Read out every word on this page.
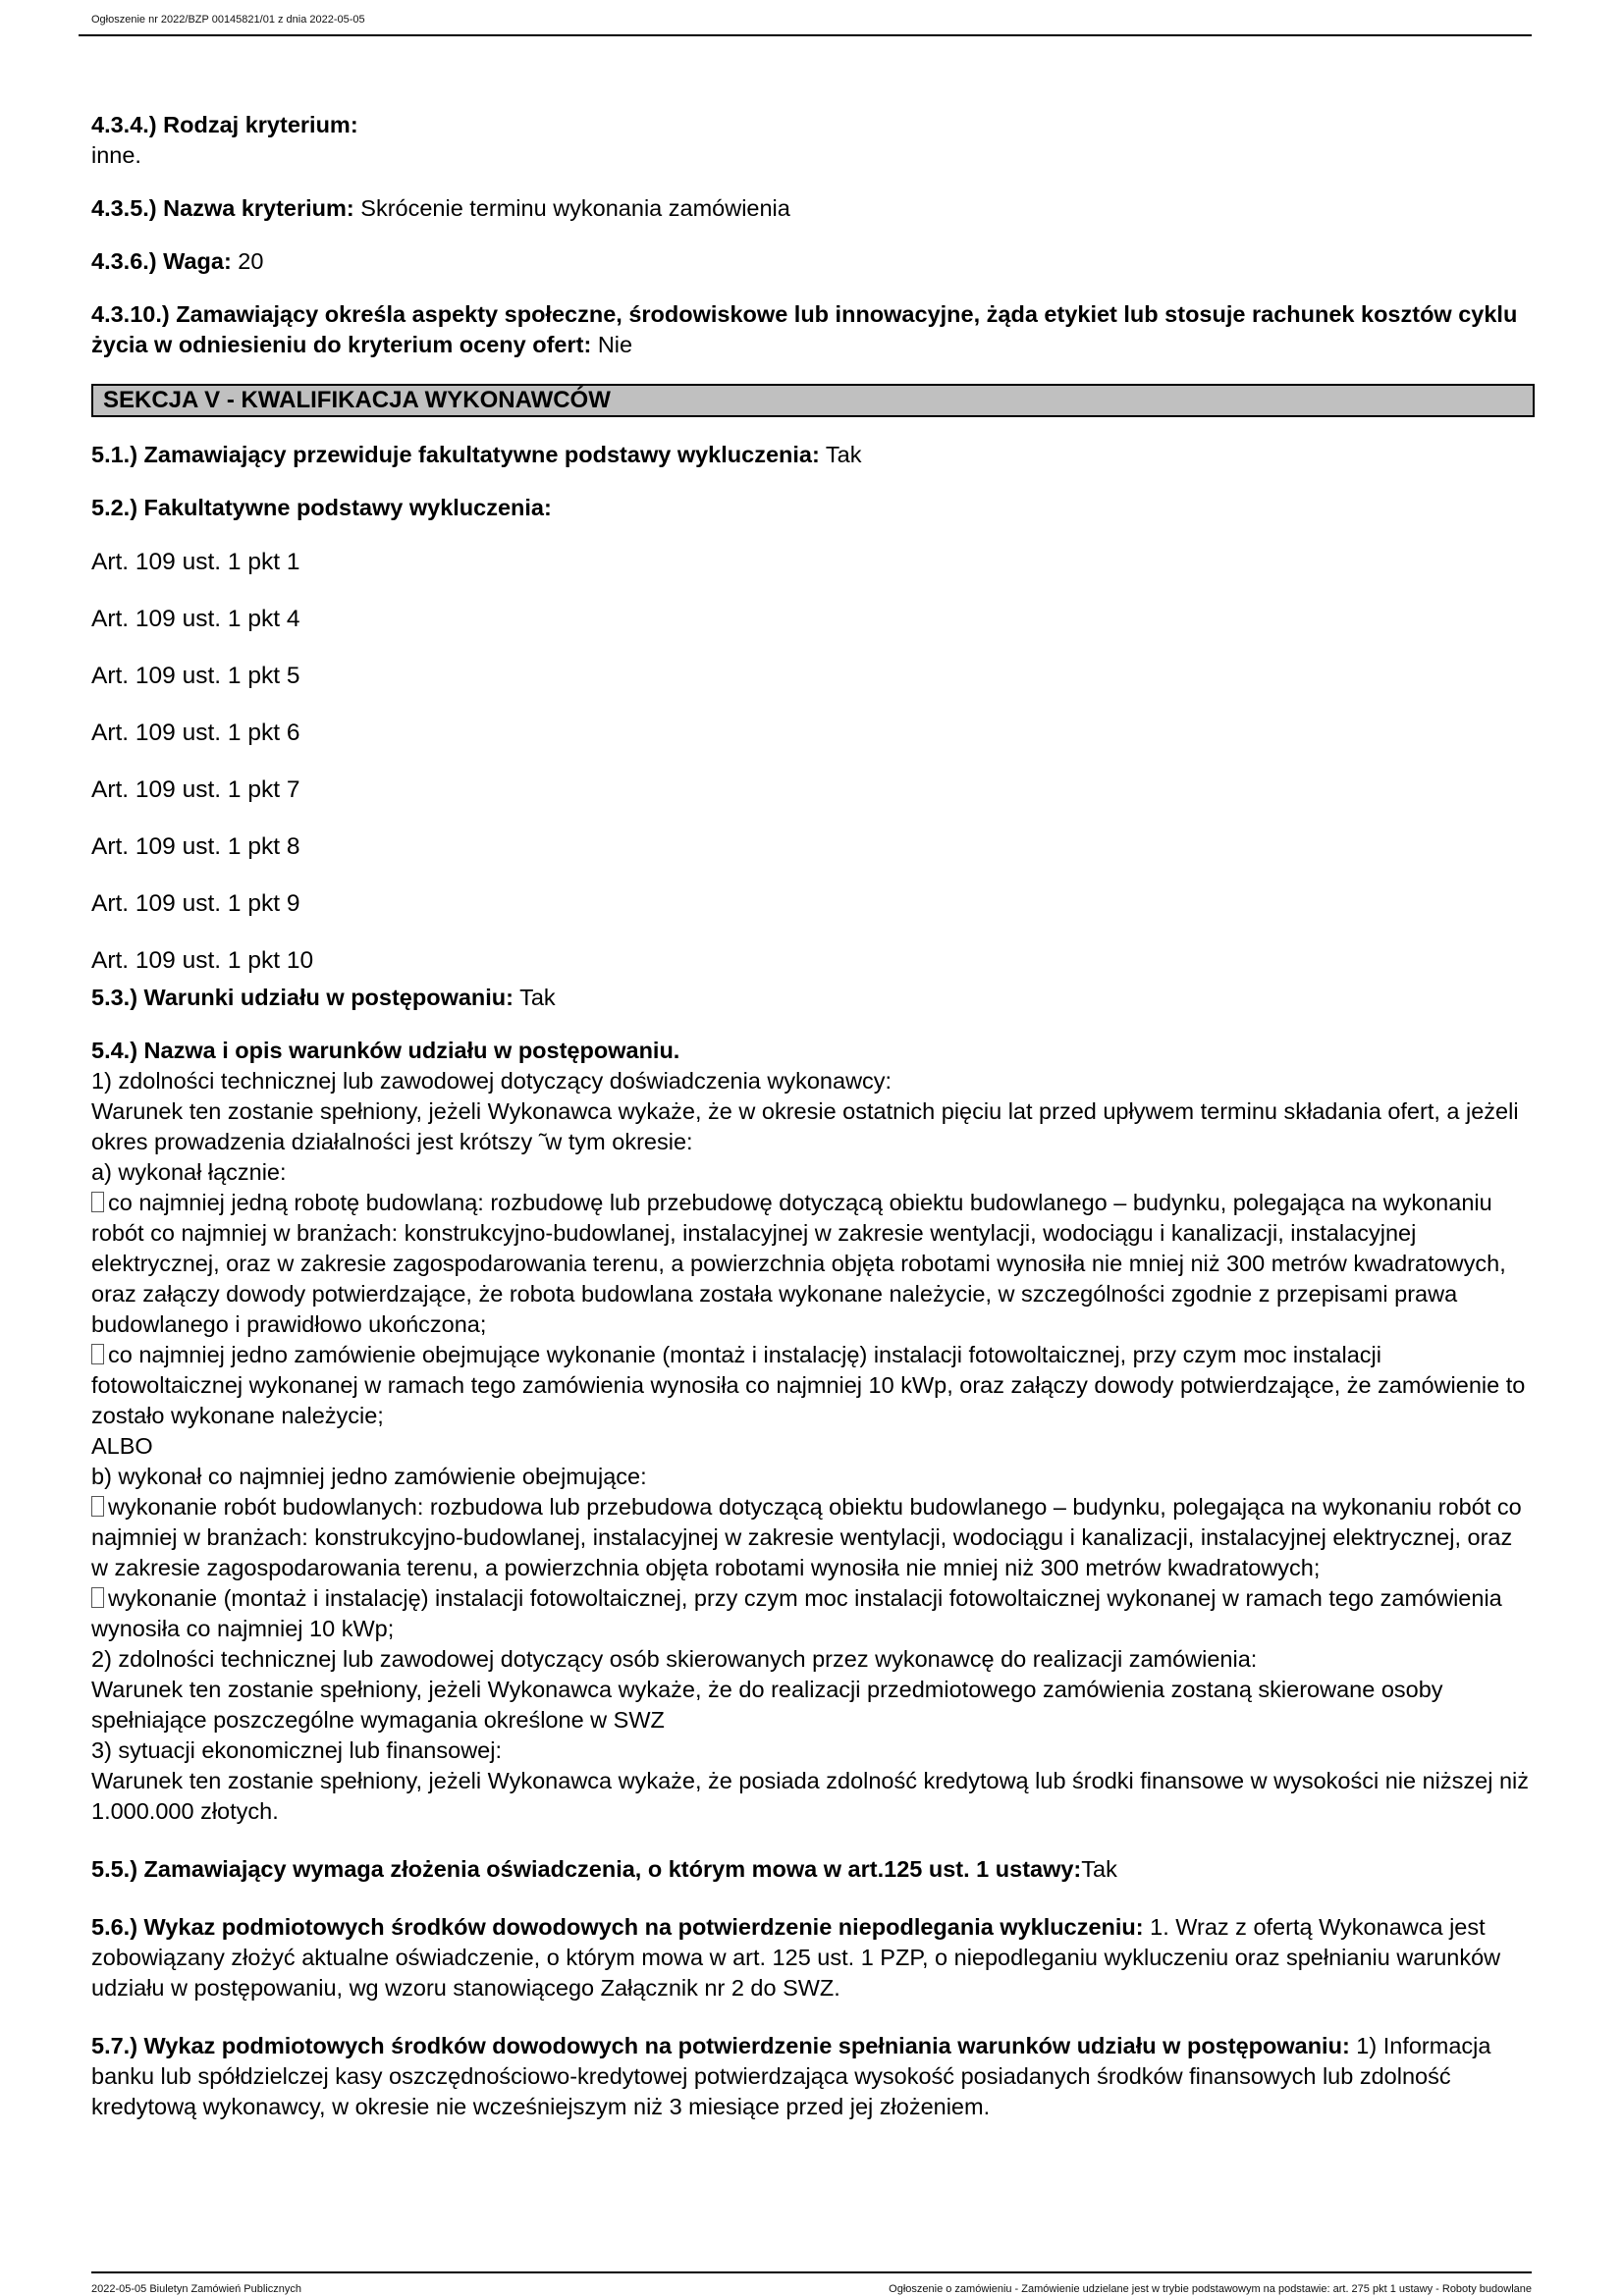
Ogłoszenie nr 2022/BZP 00145821/01 z dnia 2022-05-05

4.3.4.) Rodzaj kryterium:
inne.

4.3.5.) Nazwa kryterium: Skrócenie terminu wykonania zamówienia

4.3.6.) Waga: 20

4.3.10.) Zamawiający określa aspekty społeczne, środowiskowe lub innowacyjne, żąda etykiet lub stosuje rachunek kosztów cyklu życia w odniesieniu do kryterium oceny ofert: Nie

SEKCJA V - KWALIFIKACJA WYKONAWCÓW

5.1.) Zamawiający przewiduje fakultatywne podstawy wykluczenia: Tak

5.2.) Fakultatywne podstawy wykluczenia:

Art. 109 ust. 1 pkt 1
Art. 109 ust. 1 pkt 4
Art. 109 ust. 1 pkt 5
Art. 109 ust. 1 pkt 6
Art. 109 ust. 1 pkt 7
Art. 109 ust. 1 pkt 8
Art. 109 ust. 1 pkt 9
Art. 109 ust. 1 pkt 10

5.3.) Warunki udziału w postępowaniu: Tak

5.4.) Nazwa i opis warunków udziału w postępowaniu.

1) zdolności technicznej lub zawodowej dotyczący doświadczenia wykonawcy:

Warunek ten zostanie spełniony, jeżeli Wykonawca wykaże, że w okresie ostatnich pięciu lat przed upływem terminu składania ofert, a jeżeli okres prowadzenia działalności jest krótszy ̃ w tym okresie:

a) wykonał łącznie:

co najmniej jedną robotę budowlaną: rozbudowę lub przebudowę dotyczącą obiektu budowlanego – budynku, polegająca na wykonaniu robót co najmniej w branżach: konstrukcyjno-budowlanej, instalacyjnej w zakresie wentylacji, wodociągu i kanalizacji, instalacyjnej elektrycznej, oraz w zakresie zagospodarowania terenu, a powierzchnia objęta robotami wynosiła nie mniej niż 300 metrów kwadratowych, oraz załączy dowody potwierdzające, że robota budowlana została wykonane należycie, w szczególności zgodnie z przepisami prawa budowlanego i prawidłowo ukończona;

co najmniej jedno zamówienie obejmujące wykonanie (montaż i instalację) instalacji fotowoltaicznej, przy czym moc instalacji fotowoltaicznej wykonanej w ramach tego zamówienia wynosiła co najmniej 10 kWp, oraz załączy dowody potwierdzające, że zamówienie to zostało wykonane należycie;

ALBO

b) wykonał co najmniej jedno zamówienie obejmujące:

wykonanie robót budowlanych: rozbudowa lub przebudowa dotyczącą obiektu budowlanego – budynku, polegająca na wykonaniu robót co najmniej w branżach: konstrukcyjno-budowlanej, instalacyjnej w zakresie wentylacji, wodociągu i kanalizacji, instalacyjnej elektrycznej, oraz w zakresie zagospodarowania terenu, a powierzchnia objęta robotami wynosiła nie mniej niż 300 metrów kwadratowych;

wykonanie (montaż i instalację) instalacji fotowoltaicznej, przy czym moc instalacji fotowoltaicznej wykonanej w ramach tego zamówienia wynosiła co najmniej 10 kWp;

2) zdolności technicznej lub zawodowej dotyczący osób skierowanych przez wykonawcę do realizacji zamówienia:

Warunek ten zostanie spełniony, jeżeli Wykonawca wykaże, że do realizacji przedmiotowego zamówienia zostaną skierowane osoby spełniające poszczególne wymagania określone w SWZ

3) sytuacji ekonomicznej lub finansowej:

Warunek ten zostanie spełniony, jeżeli Wykonawca wykaże, że posiada zdolność kredytową lub środki finansowe w wysokości nie niższej niż 1.000.000 złotych.

5.5.) Zamawiający wymaga złożenia oświadczenia, o którym mowa w art.125 ust. 1 ustawy:Tak

5.6.) Wykaz podmiotowych środków dowodowych na potwierdzenie niepodlegania wykluczeniu: 1. Wraz z ofertą Wykonawca jest zobowiązany złożyć aktualne oświadczenie, o którym mowa w art. 125 ust. 1 PZP, o niepodleganiu wykluczeniu oraz spełnianiu warunków udziału w postępowaniu, wg wzoru stanowiącego Załącznik nr 2 do SWZ.

5.7.) Wykaz podmiotowych środków dowodowych na potwierdzenie spełniania warunków udziału w postępowaniu: 1) Informacja banku lub spółdzielczej kasy oszczędnościowo-kredytowej potwierdzająca wysokość posiadanych środków finansowych lub zdolność kredytową wykonawcy, w okresie nie wcześniejszym niż 3 miesiące przed jej złożeniem.

2022-05-05 Biuletyn Zamówień Publicznych	Ogłoszenie o zamówieniu - Zamówienie udzielane jest w trybie podstawowym na podstawie: art. 275 pkt 1 ustawy - Roboty budowlane
